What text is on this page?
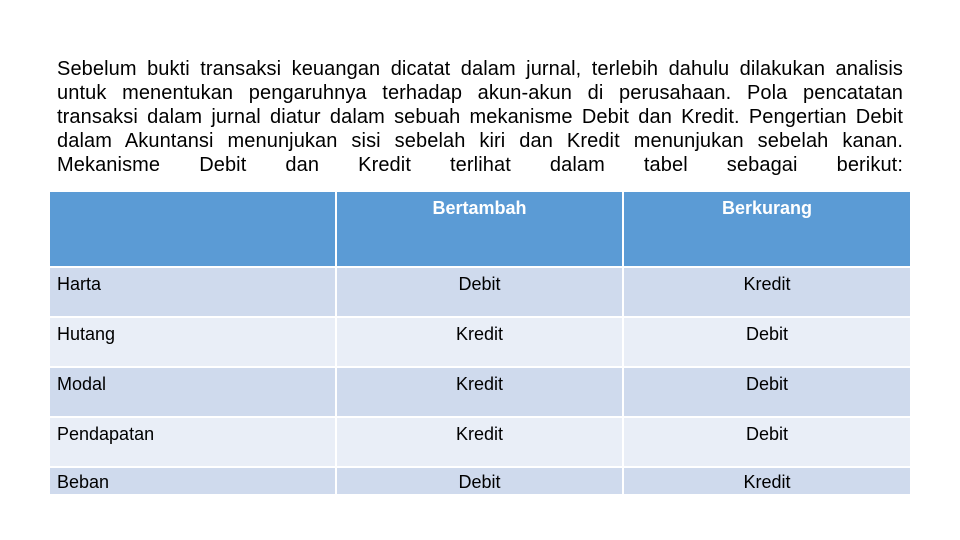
Sebelum bukti transaksi keuangan dicatat dalam jurnal, terlebih dahulu dilakukan analisis untuk menentukan pengaruhnya terhadap akun-akun di perusahaan. Pola pencatatan transaksi dalam jurnal diatur dalam sebuah mekanisme Debit dan Kredit. Pengertian Debit dalam Akuntansi menunjukan sisi sebelah kiri dan Kredit menunjukan sebelah kanan. Mekanisme Debit dan Kredit terlihat dalam tabel sebagai berikut:

	Bertambah	Berkurang
Harta	Debit	Kredit
Hutang	Kredit	Debit
Modal	Kredit	Debit
Pendapatan	Kredit	Debit
Beban	Debit	Kredit
